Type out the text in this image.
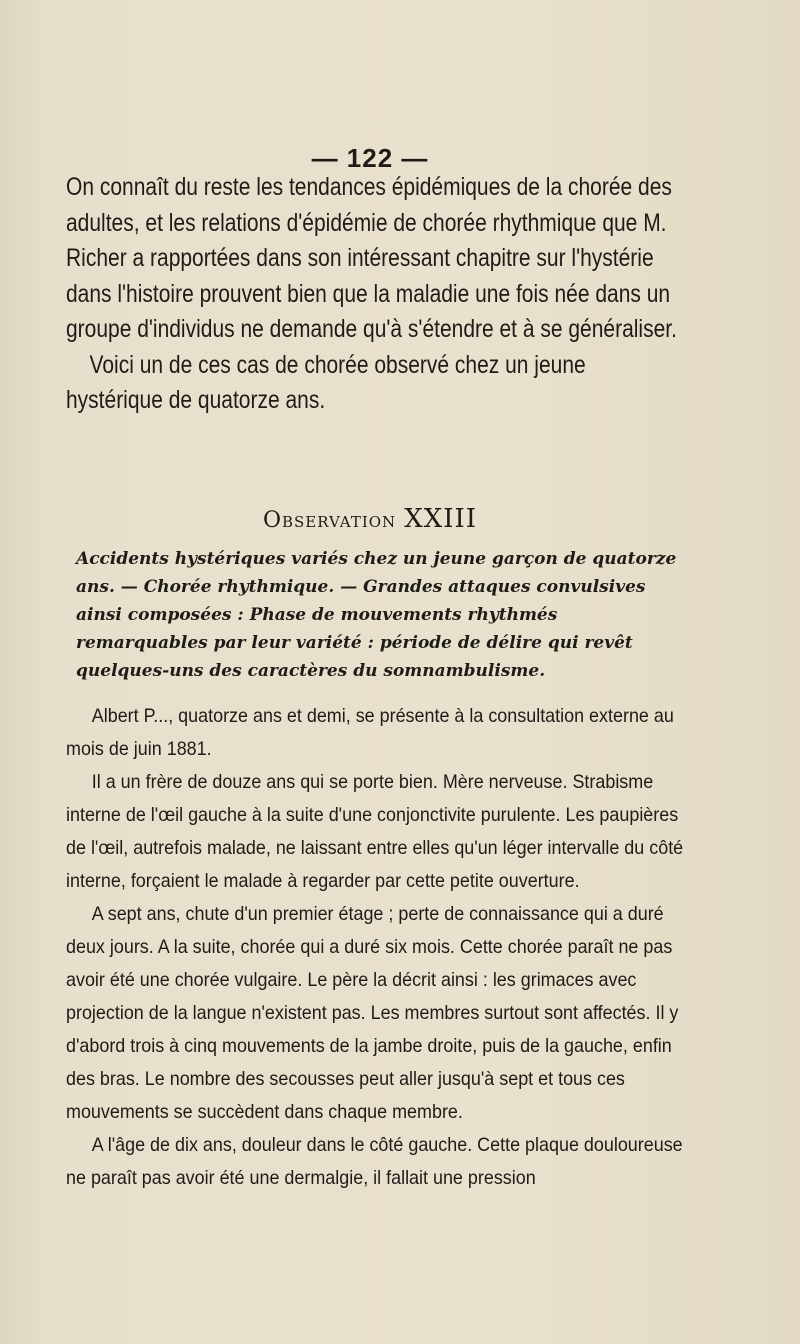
— 122 —

On connaît du reste les tendances épidémiques de la chorée des adultes, et les relations d'épidémie de chorée rhythmique que M. Richer a rapportées dans son intéressant chapitre sur l'hystérie dans l'histoire prouvent bien que la maladie une fois née dans un groupe d'individus ne demande qu'à s'étendre et à se généraliser.

Voici un de ces cas de chorée observé chez un jeune hystérique de quatorze ans.

Observation XXIII
Accidents hystériques variés chez un jeune garçon de quatorze ans. — Chorée rhythmique. — Grandes attaques convulsives ainsi composées : Phase de mouvements rhythmés remarquables par leur variété : période de délire qui revêt quelques-uns des caractères du somnambulisme.

Albert P..., quatorze ans et demi, se présente à la consultation externe au mois de juin 1881.

Il a un frère de douze ans qui se porte bien. Mère nerveuse. Strabisme interne de l'œil gauche à la suite d'une conjonctivite purulente. Les paupières de l'œil, autrefois malade, ne laissant entre elles qu'un léger intervalle du côté interne, forçaient le malade à regarder par cette petite ouverture.

A sept ans, chute d'un premier étage ; perte de connaissance qui a duré deux jours. A la suite, chorée qui a duré six mois. Cette chorée paraît ne pas avoir été une chorée vulgaire. Le père la décrit ainsi : les grimaces avec projection de la langue n'existent pas. Les membres surtout sont affectés. Il y d'abord trois à cinq mouvements de la jambe droite, puis de la gauche, enfin des bras. Le nombre des secousses peut aller jusqu'à sept et tous ces mouvements se succèdent dans chaque membre.

A l'âge de dix ans, douleur dans le côté gauche. Cette plaque douloureuse ne paraît pas avoir été une dermalgie, il fallait une pression
